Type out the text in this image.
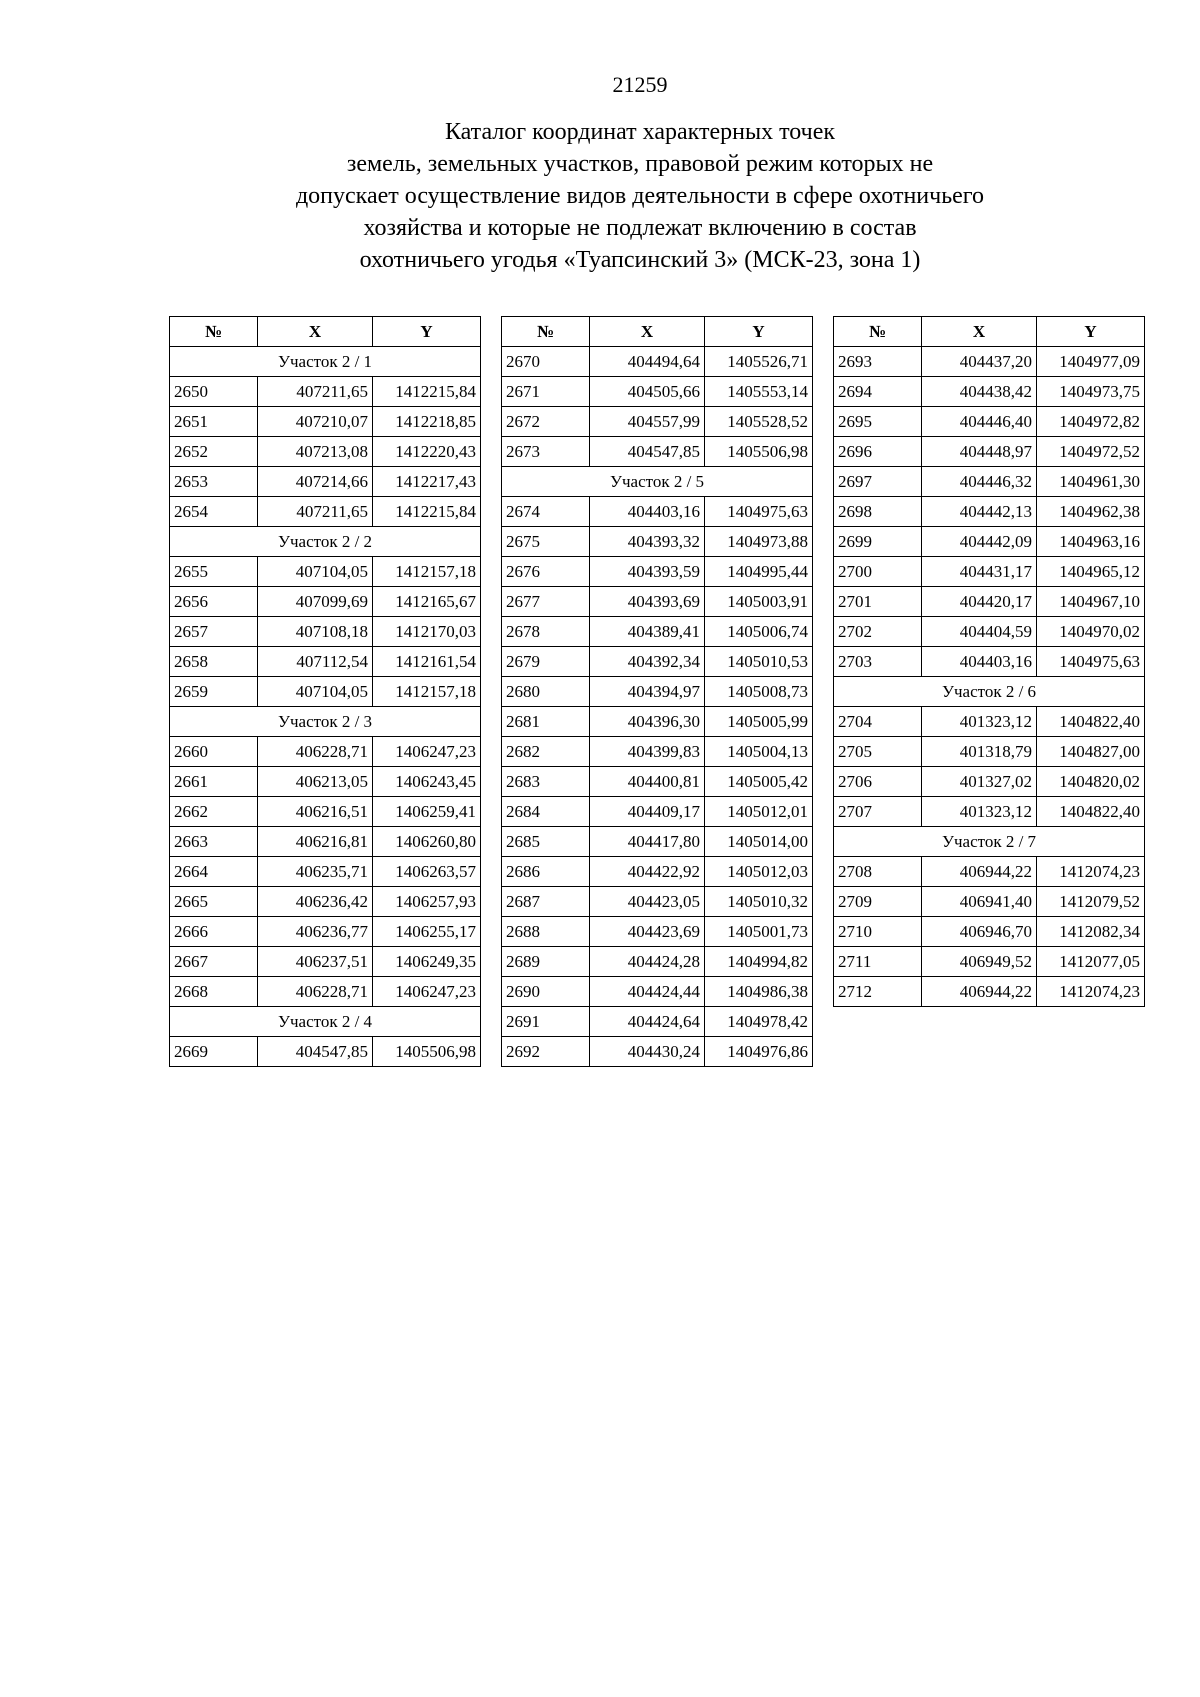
21259
Каталог координат характерных точек
земель, земельных участков, правовой режим которых не
допускает осуществление видов деятельности в сфере охотничьего
хозяйства и которые не подлежат включению в состав
охотничьего угодья «Туапсинский 3» (МСК-23, зона 1)
№	X	Y
Участок 2 / 1		
2650	407211,65	1412215,84
2651	407210,07	1412218,85
2652	407213,08	1412220,43
2653	407214,66	1412217,43
2654	407211,65	1412215,84
Участок 2 / 2		
2655	407104,05	1412157,18
2656	407099,69	1412165,67
2657	407108,18	1412170,03
2658	407112,54	1412161,54
2659	407104,05	1412157,18
Участок 2 / 3		
2660	406228,71	1406247,23
2661	406213,05	1406243,45
2662	406216,51	1406259,41
2663	406216,81	1406260,80
2664	406235,71	1406263,57
2665	406236,42	1406257,93
2666	406236,77	1406255,17
2667	406237,51	1406249,35
2668	406228,71	1406247,23
Участок 2 / 4		
2669	404547,85	1405506,98
№	X	Y
2670	404494,64	1405526,71
2671	404505,66	1405553,14
2672	404557,99	1405528,52
2673	404547,85	1405506,98
Участок 2 / 5		
2674	404403,16	1404975,63
2675	404393,32	1404973,88
2676	404393,59	1404995,44
2677	404393,69	1405003,91
2678	404389,41	1405006,74
2679	404392,34	1405010,53
2680	404394,97	1405008,73
2681	404396,30	1405005,99
2682	404399,83	1405004,13
2683	404400,81	1405005,42
2684	404409,17	1405012,01
2685	404417,80	1405014,00
2686	404422,92	1405012,03
2687	404423,05	1405010,32
2688	404423,69	1405001,73
2689	404424,28	1404994,82
2690	404424,44	1404986,38
2691	404424,64	1404978,42
2692	404430,24	1404976,86
№	X	Y
2693	404437,20	1404977,09
2694	404438,42	1404973,75
2695	404446,40	1404972,82
2696	404448,97	1404972,52
2697	404446,32	1404961,30
2698	404442,13	1404962,38
2699	404442,09	1404963,16
2700	404431,17	1404965,12
2701	404420,17	1404967,10
2702	404404,59	1404970,02
2703	404403,16	1404975,63
Участок 2 / 6		
2704	401323,12	1404822,40
2705	401318,79	1404827,00
2706	401327,02	1404820,02
2707	401323,12	1404822,40
Участок 2 / 7		
2708	406944,22	1412074,23
2709	406941,40	1412079,52
2710	406946,70	1412082,34
2711	406949,52	1412077,05
2712	406944,22	1412074,23
